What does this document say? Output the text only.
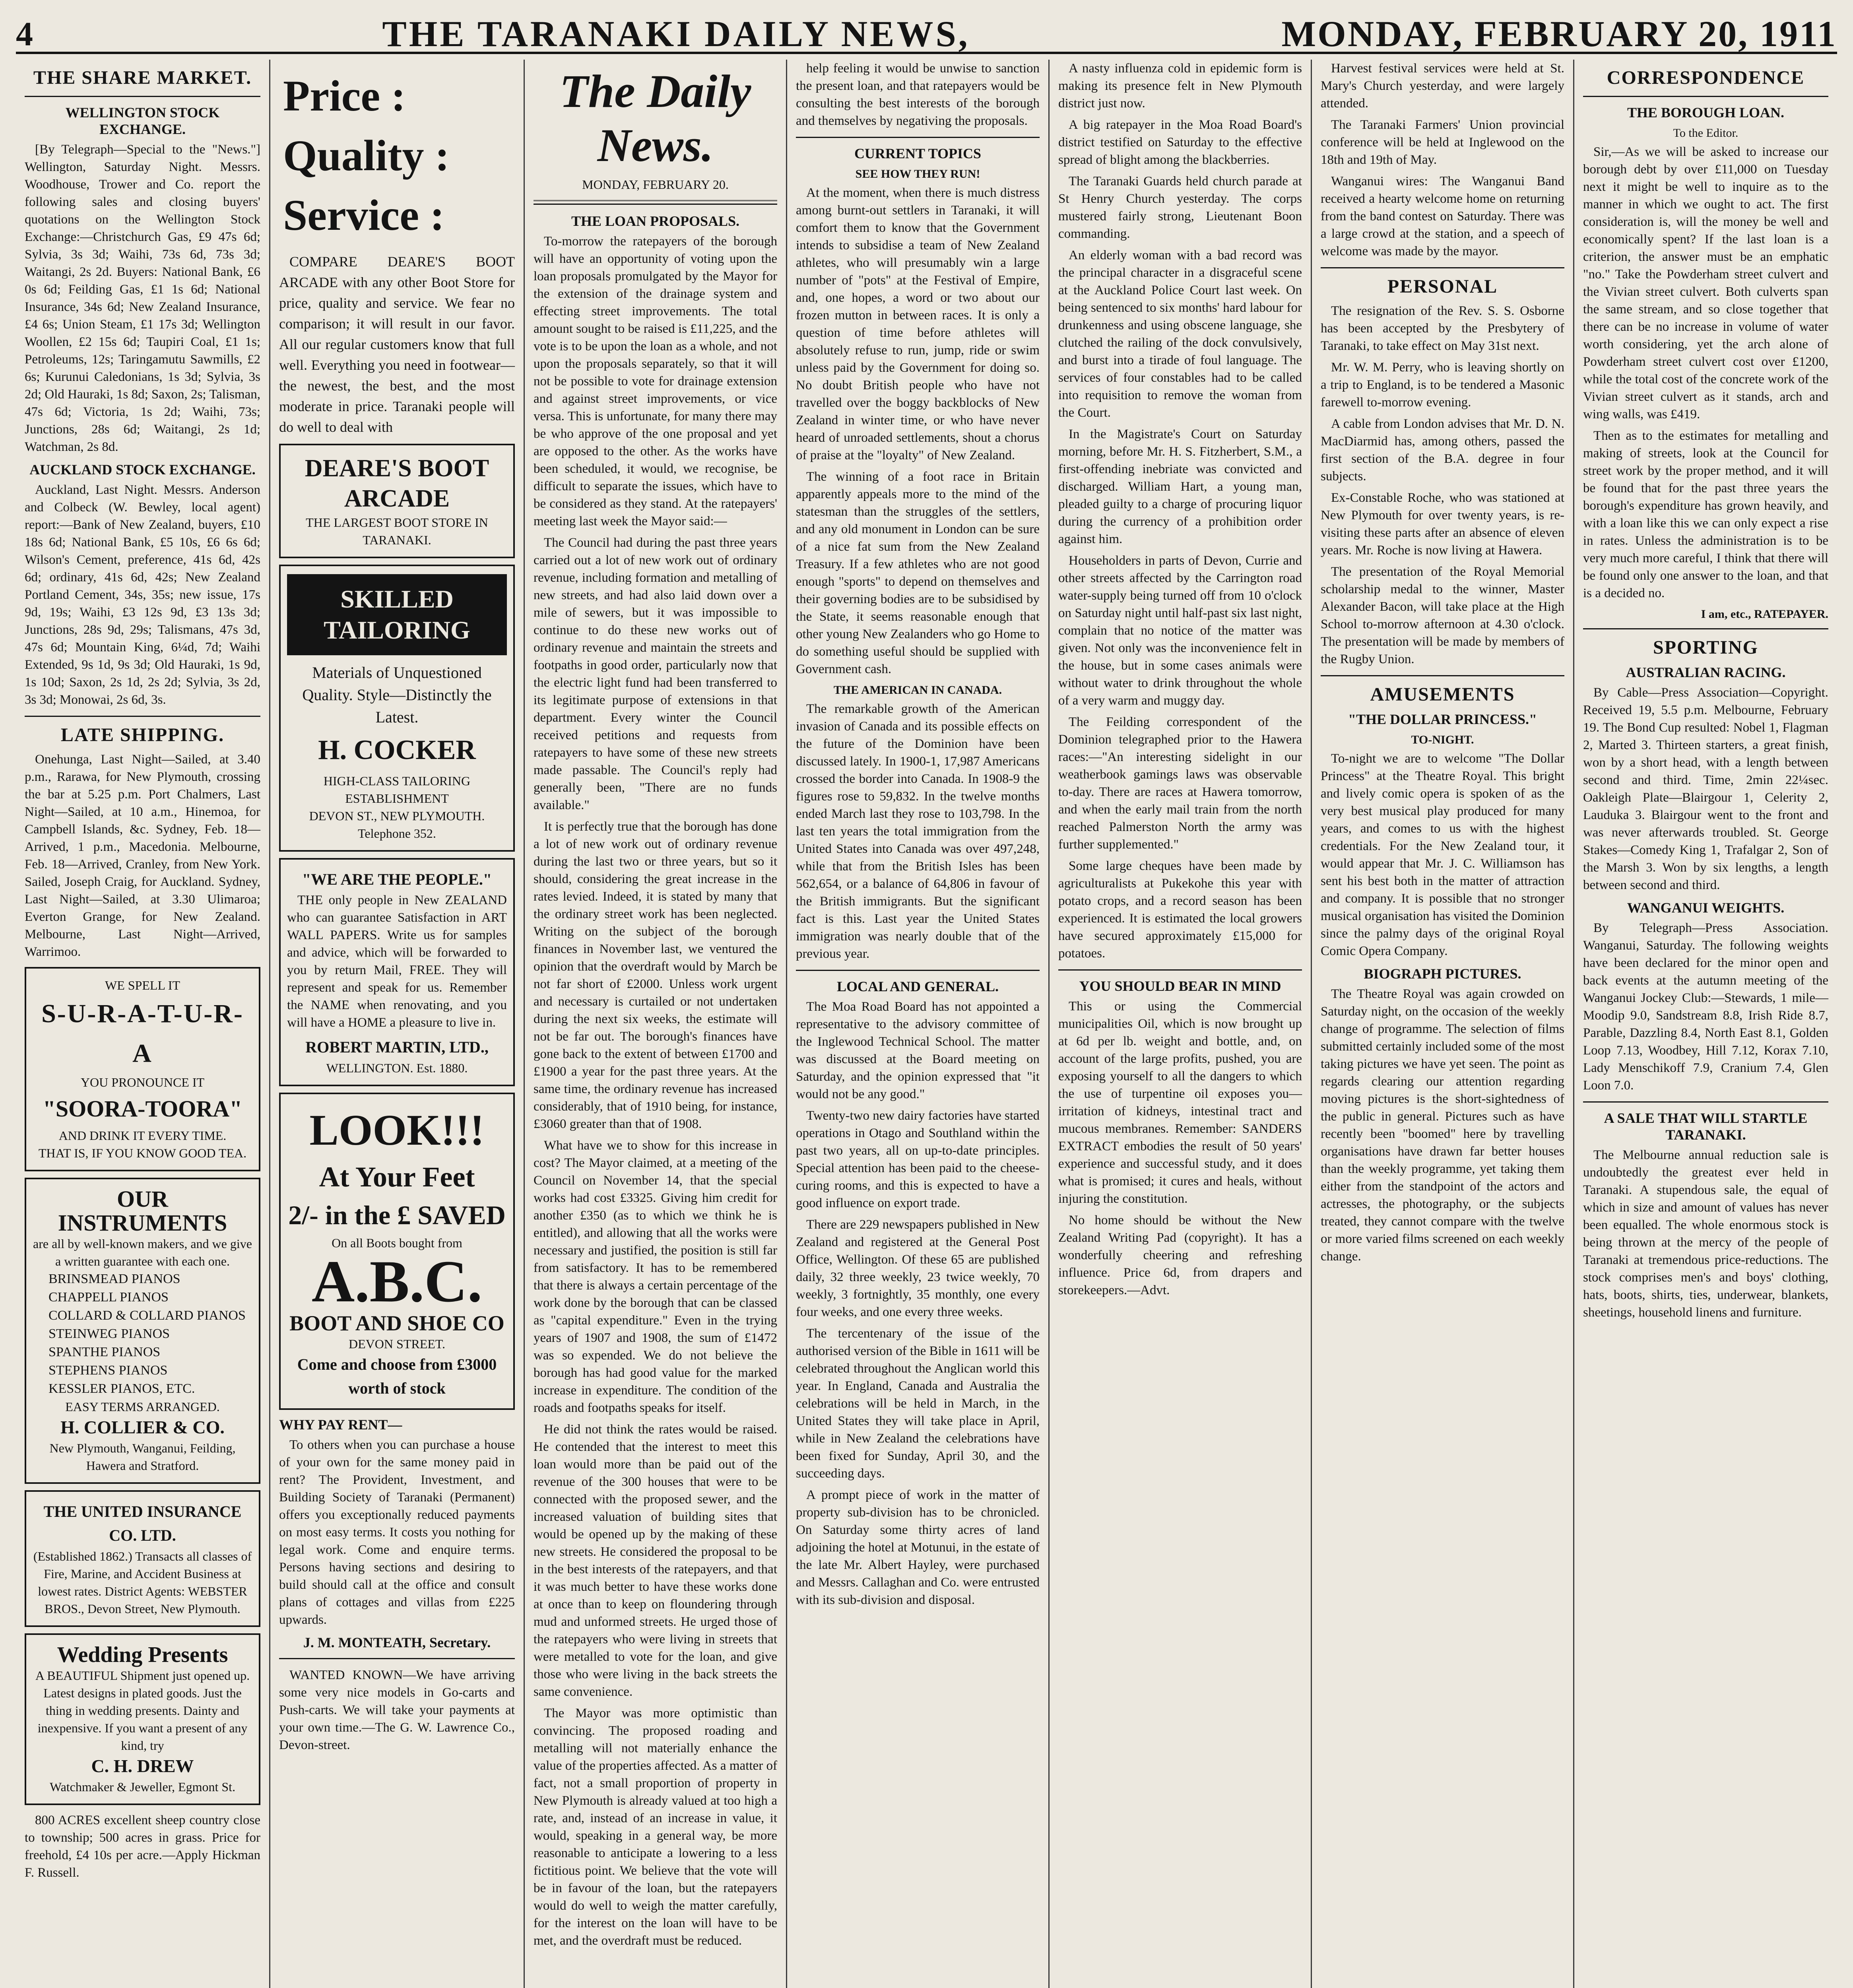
4	THE TARANAKI DAILY NEWS,	MONDAY, FEBRUARY 20, 1911
THE SHARE MARKET.
WELLINGTON STOCK EXCHANGE.

[By Telegraph—Special to the "News."] Wellington, Saturday Night. Messrs. Woodhouse, Trower and Co. report the following sales and closing buyers' quotations on the Wellington Stock Exchange:—Christchurch Gas, £9 47s 6d; Sylvia, 3s 3d; Waihi, 73s 6d, 73s 3d; Waitangi, 2s 2d. Buyers: National Bank, £6 0s 6d; Feilding Gas, £1 1s 6d; National Insurance, 34s 6d; New Zealand Insurance, £4 6s; Union Steam, £1 17s 3d; Wellington Woollen, £2 15s 6d; Taupiri Coal, £1 1s; Petroleums, 12s; Taringamutu Sawmills, £2 6s; Kurunui Caledonians, 1s 3d; Sylvia, 3s 2d; Old Hauraki, 1s 8d; Saxon, 2s; Talisman, 47s 6d; Victoria, 1s 2d; Waihi, 73s; Junctions, 28s 6d; Waitangi, 2s 1d; Watchman, 2s 8d.

AUCKLAND STOCK EXCHANGE.

Auckland, Last Night. Messrs. Anderson and Colbeck (W. Bewley, local agent) report:—Bank of New Zealand, buyers, £10 18s 6d; National Bank, £5 10s, £6 6s 6d; Wilson's Cement, preference, 41s 6d, 42s 6d; ordinary, 41s 6d, 42s; New Zealand Portland Cement, 34s, 35s; new issue, 17s 9d, 19s; Waihi, £3 12s 9d, £3 13s 3d; Junctions, 28s 9d, 29s; Talismans, 47s 3d, 47s 6d; Mountain King, 6¼d, 7d; Waihi Extended, 9s 1d, 9s 3d; Old Hauraki, 1s 9d, 1s 10d; Saxon, 2s 1d, 2s 2d; Sylvia, 3s 2d, 3s 3d; Monowai, 2s 6d, 3s.

LATE SHIPPING.

Onehunga, Last Night—Sailed, at 3.40 p.m., Rarawa, for New Plymouth, crossing the bar at 5.25 p.m. Port Chalmers, Last Night—Sailed, at 10 a.m., Hinemoa, for Campbell Islands, &c. Sydney, Feb. 18—Arrived, 1 p.m., Macedonia. Melbourne, Feb. 18—Arrived, Cranley, from New York. Sailed, Joseph Craig, for Auckland. Sydney, Last Night—Sailed, at 3.30 Ulimaroa; Everton Grange, for New Zealand. Melbourne, Last Night—Arrived, Warrimoo.

WE SPELL IT
S-U-R-A-T-U-R-A
YOU PRONOUNCE IT
"SOORA-TOORA"
AND DRINK IT EVERY TIME.
THAT IS, IF YOU KNOW GOOD TEA.
OUR INSTRUMENTS
are all by well-known makers, and we give a written guarantee with each one.
BRINSMEAD PIANOS
CHAPPELL PIANOS
COLLARD & COLLARD PIANOS
STEINWEG PIANOS
SPANTHE PIANOS
STEPHENS PIANOS
KESSLER PIANOS, ETC.
EASY TERMS ARRANGED.
H. COLLIER & CO.
New Plymouth, Wanganui, Feilding, Hawera and Stratford.
THE UNITED INSURANCE CO. LTD.
(Established 1862.) Transacts all classes of Fire, Marine, and Accident Business at lowest rates. District Agents: WEBSTER BROS., Devon Street, New Plymouth.
Wedding Presents
A BEAUTIFUL Shipment just opened up. Latest designs in plated goods. Just the thing in wedding presents. Dainty and inexpensive. If you want a present of any kind, try
C. H. DREW
Watchmaker & Jeweller, Egmont St.

800 ACRES excellent sheep country close to township; 500 acres in grass. Price for freehold, £4 10s per acre.—Apply Hickman F. Russell.

Price :
Quality :
Service :

COMPARE DEARE'S BOOT ARCADE with any other Boot Store for price, quality and service. We fear no comparison; it will result in our favor. All our regular customers know that full well. Everything you need in footwear—the newest, the best, and the most moderate in price. Taranaki people will do well to deal with

DEARE'S BOOT ARCADE
THE LARGEST BOOT STORE IN TARANAKI.
SKILLED TAILORING
Materials of Unquestioned Quality. Style—Distinctly the Latest.
H. COCKER
HIGH-CLASS TAILORING ESTABLISHMENT
DEVON ST., NEW PLYMOUTH.
Telephone 352.
"WE ARE THE PEOPLE."

THE only people in New ZEALAND who can guarantee Satisfaction in ART WALL PAPERS. Write us for samples and advice, which will be forwarded to you by return Mail, FREE. They will represent and speak for us. Remember the NAME when renovating, and you will have a HOME a pleasure to live in.

ROBERT MARTIN, LTD.,
WELLINGTON. Est. 1880.
LOOK!!!
At Your Feet
2/- in the £ SAVED
On all Boots bought from
A.B.C.
BOOT AND SHOE CO
DEVON STREET.
Come and choose from £3000 worth of stock
WHY PAY RENT—

To others when you can purchase a house of your own for the same money paid in rent? The Provident, Investment, and Building Society of Taranaki (Permanent) offers you exceptionally reduced payments on most easy terms. It costs you nothing for legal work. Come and enquire terms. Persons having sections and desiring to build should call at the office and consult plans of cottages and villas from £225 upwards.

J. M. MONTEATH, Secretary.

WANTED KNOWN—We have arriving some very nice models in Go-carts and Push-carts. We will take your payments at your own time.—The G. W. Lawrence Co., Devon-street.

The Daily News.
MONDAY, FEBRUARY 20.
THE LOAN PROPOSALS.

To-morrow the ratepayers of the borough will have an opportunity of voting upon the loan proposals promulgated by the Mayor for the extension of the drainage system and effecting street improvements. The total amount sought to be raised is £11,225, and the vote is to be upon the loan as a whole, and not upon the proposals separately, so that it will not be possible to vote for drainage extension and against street improvements, or vice versa. This is unfortunate, for many there may be who approve of the one proposal and yet are opposed to the other. As the works have been scheduled, it would, we recognise, be difficult to separate the issues, which have to be considered as they stand. At the ratepayers' meeting last week the Mayor said:—

The Council had during the past three years carried out a lot of new work out of ordinary revenue, including formation and metalling of new streets, and had also laid down over a mile of sewers, but it was impossible to continue to do these new works out of ordinary revenue and maintain the streets and footpaths in good order, particularly now that the electric light fund had been transferred to its legitimate purpose of extensions in that department. Every winter the Council received petitions and requests from ratepayers to have some of these new streets made passable. The Council's reply had generally been, "There are no funds available."

It is perfectly true that the borough has done a lot of new work out of ordinary revenue during the last two or three years, but so it should, considering the great increase in the rates levied. Indeed, it is stated by many that the ordinary street work has been neglected. Writing on the subject of the borough finances in November last, we ventured the opinion that the overdraft would by March be not far short of £2000. Unless work urgent and necessary is curtailed or not undertaken during the next six weeks, the estimate will not be far out. The borough's finances have gone back to the extent of between £1700 and £1900 a year for the past three years. At the same time, the ordinary revenue has increased considerably, that of 1910 being, for instance, £3060 greater than that of 1908.

What have we to show for this increase in cost? The Mayor claimed, at a meeting of the Council on November 14, that the special works had cost £3325. Giving him credit for another £350 (as to which we think he is entitled), and allowing that all the works were necessary and justified, the position is still far from satisfactory. It has to be remembered that there is always a certain percentage of the work done by the borough that can be classed as "capital expenditure." Even in the trying years of 1907 and 1908, the sum of £1472 was so expended. We do not believe the borough has had good value for the marked increase in expenditure. The condition of the roads and footpaths speaks for itself.

He did not think the rates would be raised. He contended that the interest to meet this loan would more than be paid out of the revenue of the 300 houses that were to be connected with the proposed sewer, and the increased valuation of building sites that would be opened up by the making of these new streets. He considered the proposal to be in the best interests of the ratepayers, and that it was much better to have these works done at once than to keep on floundering through mud and unformed streets. He urged those of the ratepayers who were living in streets that were metalled to vote for the loan, and give those who were living in the back streets the same convenience.

The Mayor was more optimistic than convincing. The proposed roading and metalling will not materially enhance the value of the properties affected. As a matter of fact, not a small proportion of property in New Plymouth is already valued at too high a rate, and, instead of an increase in value, it would, speaking in a general way, be more reasonable to anticipate a lowering to a less fictitious point. We believe that the vote will be in favour of the loan, but the ratepayers would do well to weigh the matter carefully, for the interest on the loan will have to be met, and the overdraft must be reduced.

help feeling it would be unwise to sanction the present loan, and that ratepayers would be consulting the best interests of the borough and themselves by negativing the proposals.

CURRENT TOPICS
SEE HOW THEY RUN!

At the moment, when there is much distress among burnt-out settlers in Taranaki, it will comfort them to know that the Government intends to subsidise a team of New Zealand athletes, who will presumably win a large number of "pots" at the Festival of Empire, and, one hopes, a word or two about our frozen mutton in between races. It is only a question of time before athletes will absolutely refuse to run, jump, ride or swim unless paid by the Government for doing so. No doubt British people who have not travelled over the boggy backblocks of New Zealand in winter time, or who have never heard of unroaded settlements, shout a chorus of praise at the "loyalty" of New Zealand.

The winning of a foot race in Britain apparently appeals more to the mind of the statesman than the struggles of the settlers, and any old monument in London can be sure of a nice fat sum from the New Zealand Treasury. If a few athletes who are not good enough "sports" to depend on themselves and their governing bodies are to be subsidised by the State, it seems reasonable enough that other young New Zealanders who go Home to do something useful should be supplied with Government cash.

THE AMERICAN IN CANADA.

The remarkable growth of the American invasion of Canada and its possible effects on the future of the Dominion have been discussed lately. In 1900-1, 17,987 Americans crossed the border into Canada. In 1908-9 the figures rose to 59,832. In the twelve months ended March last they rose to 103,798. In the last ten years the total immigration from the United States into Canada was over 497,248, while that from the British Isles has been 562,654, or a balance of 64,806 in favour of the British immigrants. But the significant fact is this. Last year the United States immigration was nearly double that of the previous year.

LOCAL AND GENERAL.

The Moa Road Board has not appointed a representative to the advisory committee of the Inglewood Technical School. The matter was discussed at the Board meeting on Saturday, and the opinion expressed that "it would not be any good."

Twenty-two new dairy factories have started operations in Otago and Southland within the past two years, all on up-to-date principles. Special attention has been paid to the cheese-curing rooms, and this is expected to have a good influence on export trade.

There are 229 newspapers published in New Zealand and registered at the General Post Office, Wellington. Of these 65 are published daily, 32 three weekly, 23 twice weekly, 70 weekly, 3 fortnightly, 35 monthly, one every four weeks, and one every three weeks.

The tercentenary of the issue of the authorised version of the Bible in 1611 will be celebrated throughout the Anglican world this year. In England, Canada and Australia the celebrations will be held in March, in the United States they will take place in April, while in New Zealand the celebrations have been fixed for Sunday, April 30, and the succeeding days.

A prompt piece of work in the matter of property sub-division has to be chronicled. On Saturday some thirty acres of land adjoining the hotel at Motunui, in the estate of the late Mr. Albert Hayley, were purchased and Messrs. Callaghan and Co. were entrusted with its sub-division and disposal.

A nasty influenza cold in epidemic form is making its presence felt in New Plymouth district just now.

A big ratepayer in the Moa Road Board's district testified on Saturday to the effective spread of blight among the blackberries.

The Taranaki Guards held church parade at St Henry Church yesterday. The corps mustered fairly strong, Lieutenant Boon commanding.

An elderly woman with a bad record was the principal character in a disgraceful scene at the Auckland Police Court last week. On being sentenced to six months' hard labour for drunkenness and using obscene language, she clutched the railing of the dock convulsively, and burst into a tirade of foul language. The services of four constables had to be called into requisition to remove the woman from the Court.

In the Magistrate's Court on Saturday morning, before Mr. H. S. Fitzherbert, S.M., a first-offending inebriate was convicted and discharged. William Hart, a young man, pleaded guilty to a charge of procuring liquor during the currency of a prohibition order against him.

Householders in parts of Devon, Currie and other streets affected by the Carrington road water-supply being turned off from 10 o'clock on Saturday night until half-past six last night, complain that no notice of the matter was given. Not only was the inconvenience felt in the house, but in some cases animals were without water to drink throughout the whole of a very warm and muggy day.

The Feilding correspondent of the Dominion telegraphed prior to the Hawera races:—"An interesting sidelight in our weatherbook gamings laws was observable to-day. There are races at Hawera tomorrow, and when the early mail train from the north reached Palmerston North the army was further supplemented."

Some large cheques have been made by agriculturalists at Pukekohe this year with potato crops, and a record season has been experienced. It is estimated the local growers have secured approximately £15,000 for potatoes.

YOU SHOULD BEAR IN MIND

This or using the Commercial municipalities Oil, which is now brought up at 6d per lb. weight and bottle, and, on account of the large profits, pushed, you are exposing yourself to all the dangers to which the use of turpentine oil exposes you—irritation of kidneys, intestinal tract and mucous membranes. Remember: SANDERS EXTRACT embodies the result of 50 years' experience and successful study, and it does what is promised; it cures and heals, without injuring the constitution.

No home should be without the New Zealand Writing Pad (copyright). It has a wonderfully cheering and refreshing influence. Price 6d, from drapers and storekeepers.—Advt.

Harvest festival services were held at St. Mary's Church yesterday, and were largely attended.

The Taranaki Farmers' Union provincial conference will be held at Inglewood on the 18th and 19th of May.

Wanganui wires: The Wanganui Band received a hearty welcome home on returning from the band contest on Saturday. There was a large crowd at the station, and a speech of welcome was made by the mayor.

PERSONAL

The resignation of the Rev. S. S. Osborne has been accepted by the Presbytery of Taranaki, to take effect on May 31st next.

Mr. W. M. Perry, who is leaving shortly on a trip to England, is to be tendered a Masonic farewell to-morrow evening.

A cable from London advises that Mr. D. N. MacDiarmid has, among others, passed the first section of the B.A. degree in four subjects.

Ex-Constable Roche, who was stationed at New Plymouth for over twenty years, is re-visiting these parts after an absence of eleven years. Mr. Roche is now living at Hawera.

The presentation of the Royal Memorial scholarship medal to the winner, Master Alexander Bacon, will take place at the High School to-morrow afternoon at 4.30 o'clock. The presentation will be made by members of the Rugby Union.

AMUSEMENTS
"THE DOLLAR PRINCESS."
TO-NIGHT.

To-night we are to welcome "The Dollar Princess" at the Theatre Royal. This bright and lively comic opera is spoken of as the very best musical play produced for many years, and comes to us with the highest credentials. For the New Zealand tour, it would appear that Mr. J. C. Williamson has sent his best both in the matter of attraction and company. It is possible that no stronger musical organisation has visited the Dominion since the palmy days of the original Royal Comic Opera Company.

BIOGRAPH PICTURES.

The Theatre Royal was again crowded on Saturday night, on the occasion of the weekly change of programme. The selection of films submitted certainly included some of the most taking pictures we have yet seen. The point as regards clearing our attention regarding moving pictures is the short-sightedness of the public in general. Pictures such as have recently been "boomed" here by travelling organisations have drawn far better houses than the weekly programme, yet taking them either from the standpoint of the actors and actresses, the photography, or the subjects treated, they cannot compare with the twelve or more varied films screened on each weekly change.

CORRESPONDENCE
THE BOROUGH LOAN.
To the Editor.

Sir,—As we will be asked to increase our borough debt by over £11,000 on Tuesday next it might be well to inquire as to the manner in which we ought to act. The first consideration is, will the money be well and economically spent? If the last loan is a criterion, the answer must be an emphatic "no." Take the Powderham street culvert and the Vivian street culvert. Both culverts span the same stream, and so close together that there can be no increase in volume of water worth considering, yet the arch alone of Powderham street culvert cost over £1200, while the total cost of the concrete work of the Vivian street culvert as it stands, arch and wing walls, was £419.

Then as to the estimates for metalling and making of streets, look at the Council for street work by the proper method, and it will be found that for the past three years the borough's expenditure has grown heavily, and with a loan like this we can only expect a rise in rates. Unless the administration is to be very much more careful, I think that there will be found only one answer to the loan, and that is a decided no.

I am, etc., RATEPAYER.
SPORTING
AUSTRALIAN RACING.

By Cable—Press Association—Copyright. Received 19, 5.5 p.m. Melbourne, February 19. The Bond Cup resulted: Nobel 1, Flagman 2, Marted 3. Thirteen starters, a great finish, won by a short head, with a length between second and third. Time, 2min 22¼sec. Oakleigh Plate—Blairgour 1, Celerity 2, Lauduka 3. Blairgour went to the front and was never afterwards troubled. St. George Stakes—Comedy King 1, Trafalgar 2, Son of the Marsh 3. Won by six lengths, a length between second and third.

WANGANUI WEIGHTS.

By Telegraph—Press Association. Wanganui, Saturday. The following weights have been declared for the minor open and back events at the autumn meeting of the Wanganui Jockey Club:—Stewards, 1 mile—Moodip 9.0, Sandstream 8.8, Irish Ride 8.7, Parable, Dazzling 8.4, North East 8.1, Golden Loop 7.13, Woodbey, Hill 7.12, Korax 7.10, Lady Menschikoff 7.9, Cranium 7.4, Glen Loon 7.0.

A SALE THAT WILL STARTLE TARANAKI.

The Melbourne annual reduction sale is undoubtedly the greatest ever held in Taranaki. A stupendous sale, the equal of which in size and amount of values has never been equalled. The whole enormous stock is being thrown at the mercy of the people of Taranaki at tremendous price-reductions. The stock comprises men's and boys' clothing, hats, boots, shirts, ties, underwear, blankets, sheetings, household linens and furniture.
